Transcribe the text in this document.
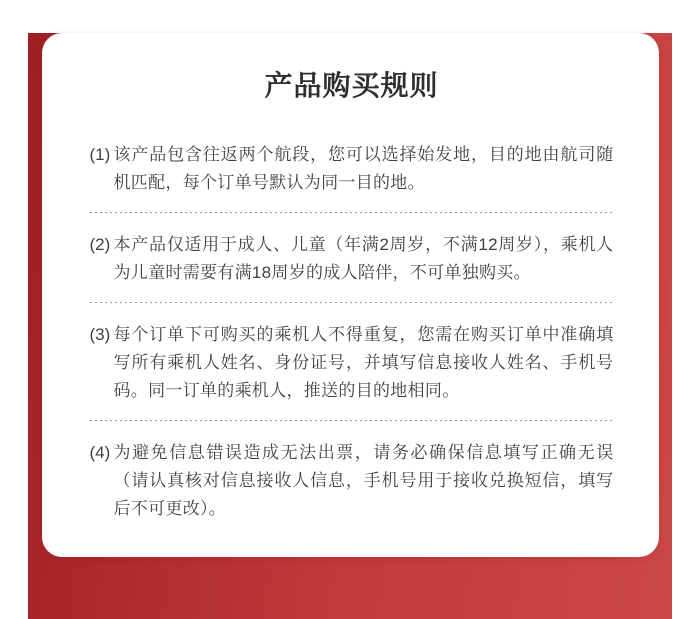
产品购买规则
(1) 该产品包含往返两个航段，您可以选择始发地，目的地由航司随机匹配，每个订单号默认为同一目的地。
(2) 本产品仅适用于成人、儿童（年满2周岁，不满12周岁），乘机人为儿童时需要有满18周岁的成人陪伴，不可单独购买。
(3) 每个订单下可购买的乘机人不得重复，您需在购买订单中准确填写所有乘机人姓名、身份证号，并填写信息接收人姓名、手机号码。同一订单的乘机人，推送的目的地相同。
(4) 为避免信息错误造成无法出票，请务必确保信息填写正确无误（请认真核对信息接收人信息，手机号用于接收兑换短信，填写后不可更改）。
